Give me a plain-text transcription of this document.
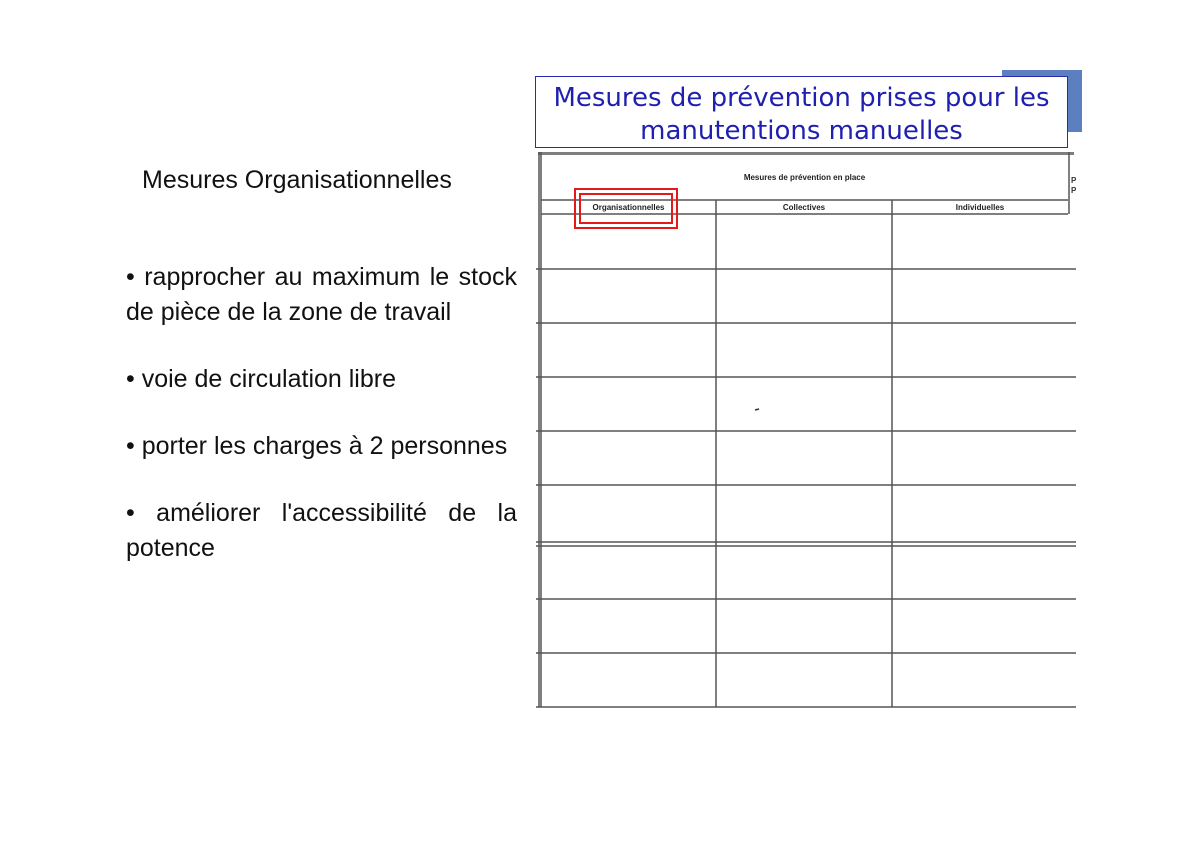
Mesures de prévention prises pour les
manutentions manuelles
Mesures Organisationnelles

• rapprocher au maximum le stock de pièce de la zone de travail

• voie de circulation libre

• porter les charges à 2 personnes

• améliorer l'accessibilité de la potence

Mesures de prévention en place
Organisationnelles	Collectives	Individuelles
P
P
